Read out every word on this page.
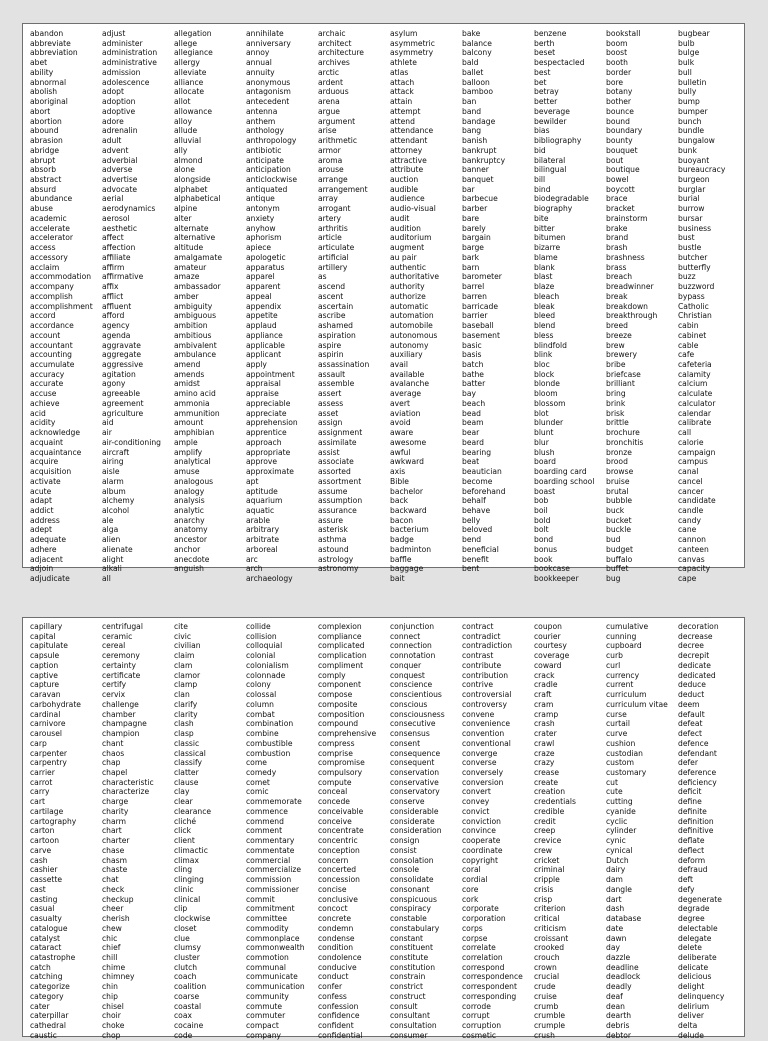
abandon
abbreviate
abbreviation
abet
ability
abnormal
abolish
aboriginal
abort
abortion
abound
abrasion
abridge
abrupt
absorb
abstract
absurd
abundance
abuse
academic
accelerate
accelerator
access
accessory
acclaim
accommodation
accompany
accomplish
accomplishment
accord
accordance
account
accountant
accounting
accumulate
accuracy
accurate
accuse
achieve
acid
acidity
acknowledge
acquaint
acquaintance
acquire
acquisition
activate
acute
adapt
addict
address
adept
adequate
adhere
adjacent
adjoin
adjudicate
adjust
administer
administration
administrative
admission
adolescence
adopt
adoption
adoptive
adore
adrenalin
adult
advent
adverbial
adverse
advertise
advocate
aerial
aerodynamics
aerosol
aesthetic
affect
affection
affiliate
affirm
affirmative
affix
afflict
affluent
afford
agency
agenda
aggravate
aggregate
aggressive
agitation
agony
agreeable
agreement
agriculture
aid
air
air-conditioning
aircraft
airing
aisle
alarm
album
alchemy
alcohol
ale
alga
alien
alienate
alight
alkali
all
allegation
allege
allegiance
allergy
alleviate
alliance
allocate
allot
allowance
alloy
allude
alluvial
ally
almond
alone
alongside
alphabet
alphabetical
alpine
alter
alternate
alternative
altitude
amalgamate
amateur
amaze
ambassador
amber
ambiguity
ambiguous
ambition
ambitious
ambivalent
ambulance
amend
amends
amidst
amino acid
ammonia
ammunition
amount
amphibian
ample
amplify
analytical
amuse
analogous
analogy
analysis
analytic
anarchy
anatomy
ancestor
anchor
anecdote
anguish
annihilate
anniversary
annoy
annual
annuity
anonymous
antagonism
antecedent
antenna
anthem
anthology
anthropology
antibiotic
anticipate
anticipation
anticlockwise
antiquated
antique
antonym
anxiety
anyhow
aphorism
apiece
apologetic
apparatus
apparel
apparent
appeal
appendix
appetite
applaud
appliance
applicable
applicant
apply
appointment
appraisal
appraise
appreciable
appreciate
apprehension
apprentice
approach
appropriate
approve
approximate
apt
aptitude
aquarium
aquatic
arable
arbitrary
arbitrate
arboreal
arc
arch
archaeology
archaic
architect
architecture
archives
arctic
ardent
arduous
arena
argue
argument
arise
arithmetic
armor
aroma
arouse
arrange
arrangement
array
arrogant
artery
arthritis
article
articulate
artificial
artillery
as
ascend
ascent
ascertain
ascribe
ashamed
aspiration
aspire
aspirin
assassination
assault
assemble
assert
assess
asset
assign
assignment
assimilate
assist
associate
assorted
assortment
assume
assumption
assurance
assure
asterisk
asthma
astound
astrology
astronomy
asylum
asymmetric
asymmetry
athlete
atlas
attach
attack
attain
attempt
attend
attendance
attendant
attorney
attractive
attribute
auction
audible
audience
audio-visual
audit
audition
auditorium
augment
au pair
authentic
authoritative
authority
authorize
automatic
automation
automobile
autonomous
autonomy
auxiliary
avail
available
avalanche
average
avert
aviation
avoid
aware
awesome
awful
awkward
axis
Bible
bachelor
back
backward
bacon
bacterium
badge
badminton
baffle
baggage
bait
bake
balance
balcony
bald
ballet
balloon
bamboo
ban
band
bandage
bang
banish
bankrupt
bankruptcy
banner
banquet
bar
barbecue
barber
bare
barely
bargain
barge
bark
barn
barometer
barrel
barren
barricade
barrier
baseball
basement
basic
basis
batch
bathe
batter
bay
beach
bead
beam
bear
beard
bearing
beat
beautician
become
beforehand
behalf
behave
belly
beloved
bend
beneficial
benefit
bent
benzene
berth
beset
bespectacled
best
bet
betray
better
beverage
bewilder
bias
bibliography
bid
bilateral
bilingual
bill
bind
biodegradable
biography
bite
bitter
bitumen
bizarre
blame
blank
blast
blaze
bleach
bleak
bleed
blend
bless
blindfold
blink
bloc
block
blonde
bloom
blossom
blot
blunder
blunt
blur
blush
board
boarding card
boarding school
boast
bob
boil
bold
bolt
bond
bonus
book
bookcase
bookkeeper
bookstall
boom
boost
booth
border
bore
botany
bother
bounce
bound
boundary
bounty
bouquet
bout
boutique
bowel
boycott
brace
bracket
brainstorm
brake
brand
brash
brashness
brass
breach
breadwinner
break
breakdown
breakthrough
breed
breeze
brew
brewery
bribe
briefcase
brilliant
bring
brink
brisk
brittle
brochure
bronchitis
bronze
brood
browse
bruise
brutal
bubble
buck
bucket
buckle
bud
budget
buffalo
buffet
bug
bugbear
bulb
bulge
bulk
bull
bulletin
bully
bump
bumper
bunch
bundle
bungalow
bunk
buoyant
bureaucracy
burgeon
burglar
burial
burrow
bursar
business
bust
bustle
butcher
butterfly
buzz
buzzword
bypass
Catholic
Christian
cabin
cabinet
cable
cafe
cafeteria
calamity
calcium
calculate
calculator
calendar
calibrate
call
calorie
campaign
campus
canal
cancel
cancer
candidate
candle
candy
cane
cannon
canteen
canvas
capacity
cape
capillary
capital
capitulate
capsule
caption
captive
capture
caravan
carbohydrate
cardinal
carnivore
carousel
carp
carpenter
carpentry
carrier
carrot
carry
cart
cartilage
cartography
carton
cartoon
carve
cash
cashier
cassette
cast
casting
casual
casualty
catalogue
catalyst
cataract
catastrophe
catch
catching
categorize
category
cater
caterpillar
cathedral
caustic
centrifugal
ceramic
cereal
ceremony
certainty
certificate
certify
cervix
challenge
chamber
champagne
champion
chant
chaos
chap
chapel
characteristic
characterize
charge
charity
charm
chart
charter
chase
chasm
chaste
chat
check
checkup
cheer
cherish
chew
chic
chief
chill
chime
chimney
chin
chip
chisel
choir
choke
chop
cite
civic
civilian
claim
clam
clamor
clamp
clan
clarify
clarity
clash
clasp
classic
classical
classify
clatter
clause
clay
clear
clearance
cliché
click
client
climactic
climax
cling
clinging
clinic
clinical
clip
clockwise
closet
clue
clumsy
cluster
clutch
coach
coalition
coarse
coastal
coax
cocaine
code
collide
collision
colloquial
colonial
colonialism
colonnade
colony
colossal
column
combat
combination
combine
combustible
combustion
come
comedy
comet
comic
commemorate
commence
commend
comment
commentary
commentate
commercial
commercialize
commission
commissioner
commit
commitment
committee
commodity
commonplace
commonwealth
commotion
communal
communicate
communication
community
commute
commuter
compact
company
complexion
compliance
complicated
complication
compliment
comply
component
compose
composite
composition
compound
comprehensive
compress
comprise
compromise
compulsory
compute
conceal
concede
conceivable
conceive
concentrate
concentric
conception
concern
concerted
concession
concise
conclusive
concoct
concrete
condemn
condense
condition
condolence
conducive
conduct
confer
confess
confession
confidence
confident
confidential
conjunction
connect
connection
connotation
conquer
conquest
conscience
conscientious
conscious
consciousness
consecutive
consensus
consent
consequence
consequent
conservation
conservative
conservatory
conserve
considerable
considerate
consideration
consign
consist
consolation
console
consolidate
consonant
conspicuous
conspiracy
constable
constabulary
constant
constituent
constitute
constitution
constrain
constrict
construct
consult
consultant
consultation
consumer
contract
contradict
contradiction
contrast
contribute
contribution
contrive
controversial
controversy
convene
convenience
convention
conventional
converge
converse
conversely
conversion
convert
convey
convict
conviction
convince
cooperate
coordinate
copyright
coral
cordial
core
cork
corporate
corporation
corps
corpse
correlate
correlation
correspond
correspondence
correspondent
corresponding
corrode
corrupt
corruption
cosmetic
coupon
courier
courtesy
coverage
coward
crack
cradle
craft
cram
cramp
crash
crater
crawl
craze
crazy
crease
create
creation
credentials
credible
credit
creep
crevice
crew
cricket
criminal
cripple
crisis
crisp
criterion
critical
criticism
croissant
crooked
crouch
crown
crucial
crude
cruise
crumb
crumble
crumple
crush
cumulative
cunning
cupboard
curb
curl
currency
current
curriculum
curriculum vitae
curse
curtail
curve
cushion
custodian
custom
customary
cut
cute
cutting
cyanide
cyclic
cylinder
cynic
cynical
Dutch
dairy
dam
dangle
dart
dash
database
date
dawn
day
dazzle
deadline
deadlock
deadly
deaf
dean
dearth
debris
debtor
decoration
decrease
decree
decrepit
dedicate
dedicated
deduce
deduct
deem
default
defeat
defect
defence
defendant
defer
deference
deficiency
deficit
define
definite
definition
definitive
deflate
deflect
deform
defraud
deft
defy
degenerate
degrade
degree
delectable
delegate
delete
deliberate
delicate
delicious
delight
delinquency
delirium
deliver
delta
delude
